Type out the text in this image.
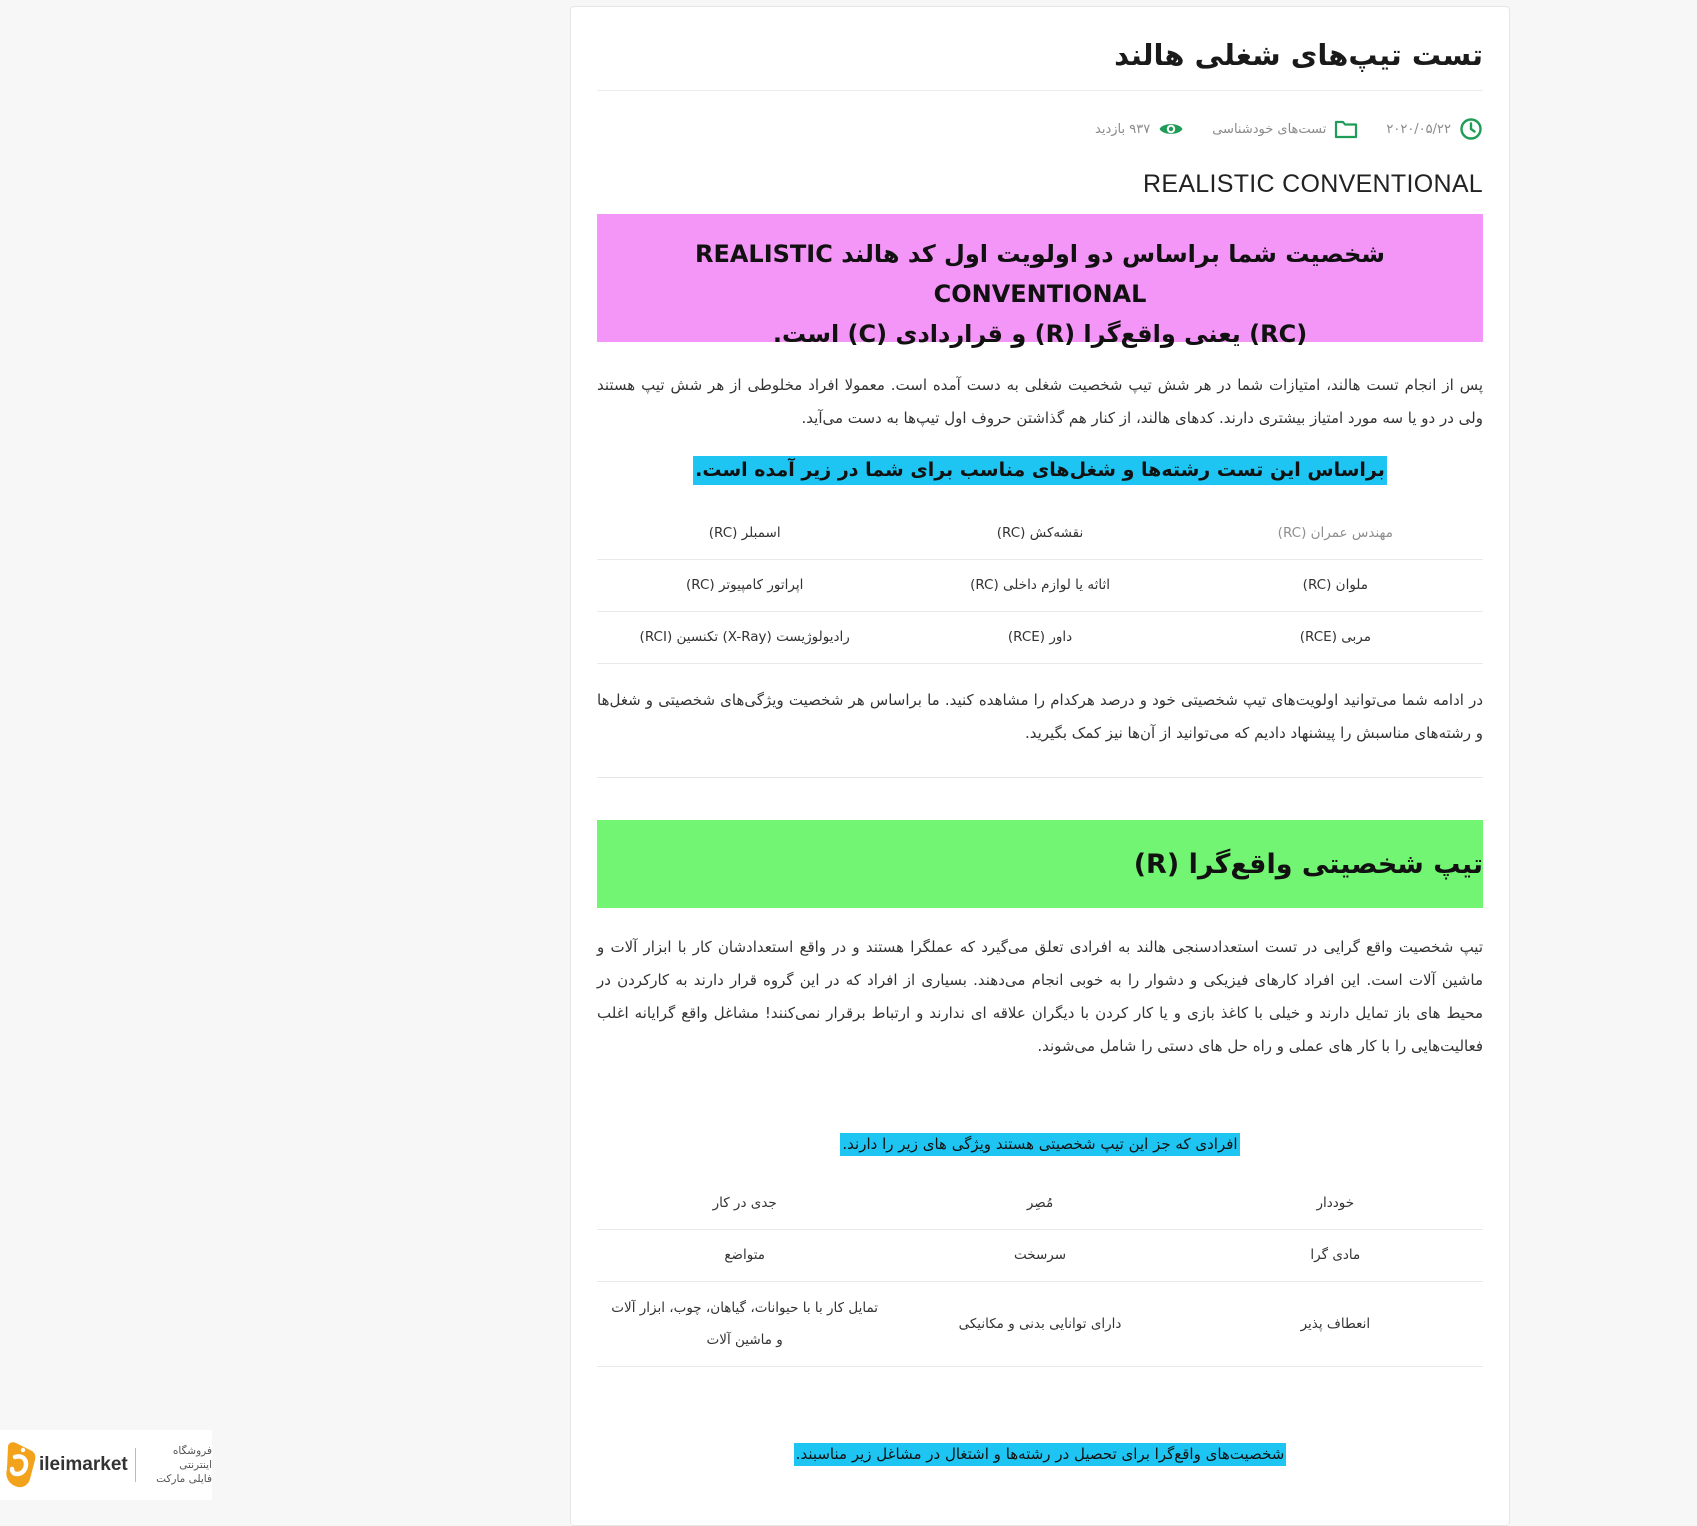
تست تیپ‌های شغلی هالند
۲۰۲۰/۰۵/۲۲
تست‌های خودشناسی
۹۳۷ بازدید
REALISTIC CONVENTIONAL
شخصیت شما براساس دو اولویت اول کد هالند REALISTIC CONVENTIONAL
(RC) یعنی واقع‌گرا (R) و قراردادی (C) است.

پس از انجام تست هالند، امتیازات شما در هر شش تیپ شخصیت شغلی به دست آمده است. معمولا افراد مخلوطی از هر شش تیپ هستند ولی در دو یا سه مورد امتیاز بیشتری دارند. کدهای هالند، از کنار هم گذاشتن حروف اول تیپ‌ها به دست می‌آید.

براساس این تست رشته‌ها و شغل‌های مناسب برای شما در زیر آمده است.
مهندس عمران (RC)	نقشه‌کش (RC)	اسمبلر (RC)
ملوان (RC)	اثاثه یا لوازم داخلی (RC)	اپراتور کامپیوتر (RC)
مربی (RCE)	داور (RCE)	رادیولوژیست (X-Ray) تکنسین (RCI)

در ادامه شما می‌توانید اولویت‌های تیپ شخصیتی خود و درصد هرکدام را مشاهده کنید. ما براساس هر شخصیت ویژگی‌های شخصیتی و شغل‌ها و رشته‌های مناسبش را پیشنهاد دادیم که می‌توانید از آن‌ها نیز کمک بگیرید.

تیپ شخصیتی واقع‌گرا (R)

تیپ شخصیت واقع گرایی در تست استعدادسنجی هالند به افرادی تعلق می‌گیرد که عملگرا هستند و در واقع استعدادشان کار با ابزار آلات و ماشین آلات است. این افراد کارهای فیزیکی و دشوار را به خوبی انجام می‌دهند. بسیاری از افراد که در این گروه قرار دارند به کارکردن در محیط های باز تمایل دارند و خیلی با کاغذ بازی و یا کار کردن با دیگران علاقه ای ندارند و ارتباط برقرار نمی‌کنند! مشاغل واقع گرایانه اغلب فعالیت‌هایی را با کار های عملی و راه حل های دستی را شامل می‌شوند.

افرادی که جز این تیپ شخصیتی هستند ویژگی های زیر را دارند.
خوددار	مُصِر	جدی در کار
مادی گرا	سرسخت	متواضع
انعطاف پذیر	دارای توانایی بدنی و مکانیکی	تمایل کار با با حیوانات، گیاهان، چوب، ابزار آلات و ماشین آلات
شخصیت‌های واقع‌گرا برای تحصیل در رشته‌ها و اشتغال در مشاغل زیر مناسبند.
ileimarket
فروشگاه اینترنتی
فایلی مارکت
